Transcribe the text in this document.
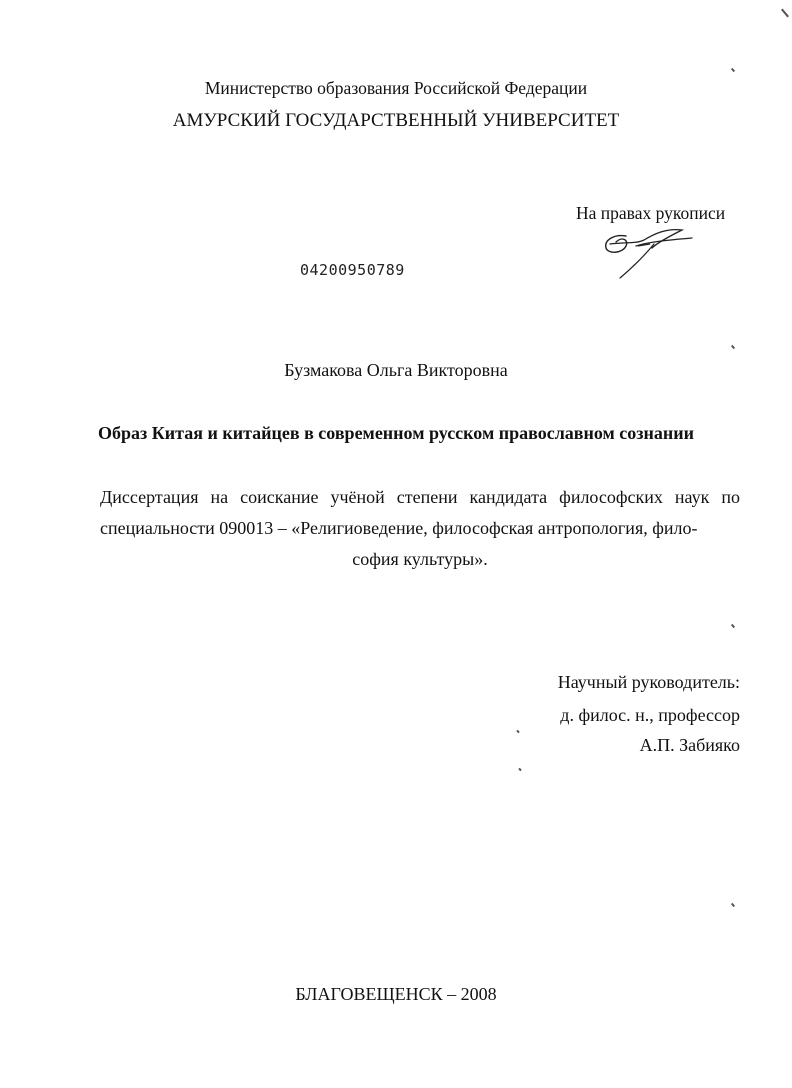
Министерство образования Российской Федерации

АМУРСКИЙ ГОСУДАРСТВЕННЫЙ УНИВЕРСИТЕТ

На правах рукописи

04200950789

Бузмакова Ольга Викторовна

Образ Китая и китайцев в современном русском православном сознании

Диссертация на соискание учёной степени кандидата философских наук по специальности 090013 – «Религиоведение, философская антропология, фило-
софия культуры».

Научный руководитель:

д. филос. н., профессор

А.П. Забияко

БЛАГОВЕЩЕНСК – 2008
